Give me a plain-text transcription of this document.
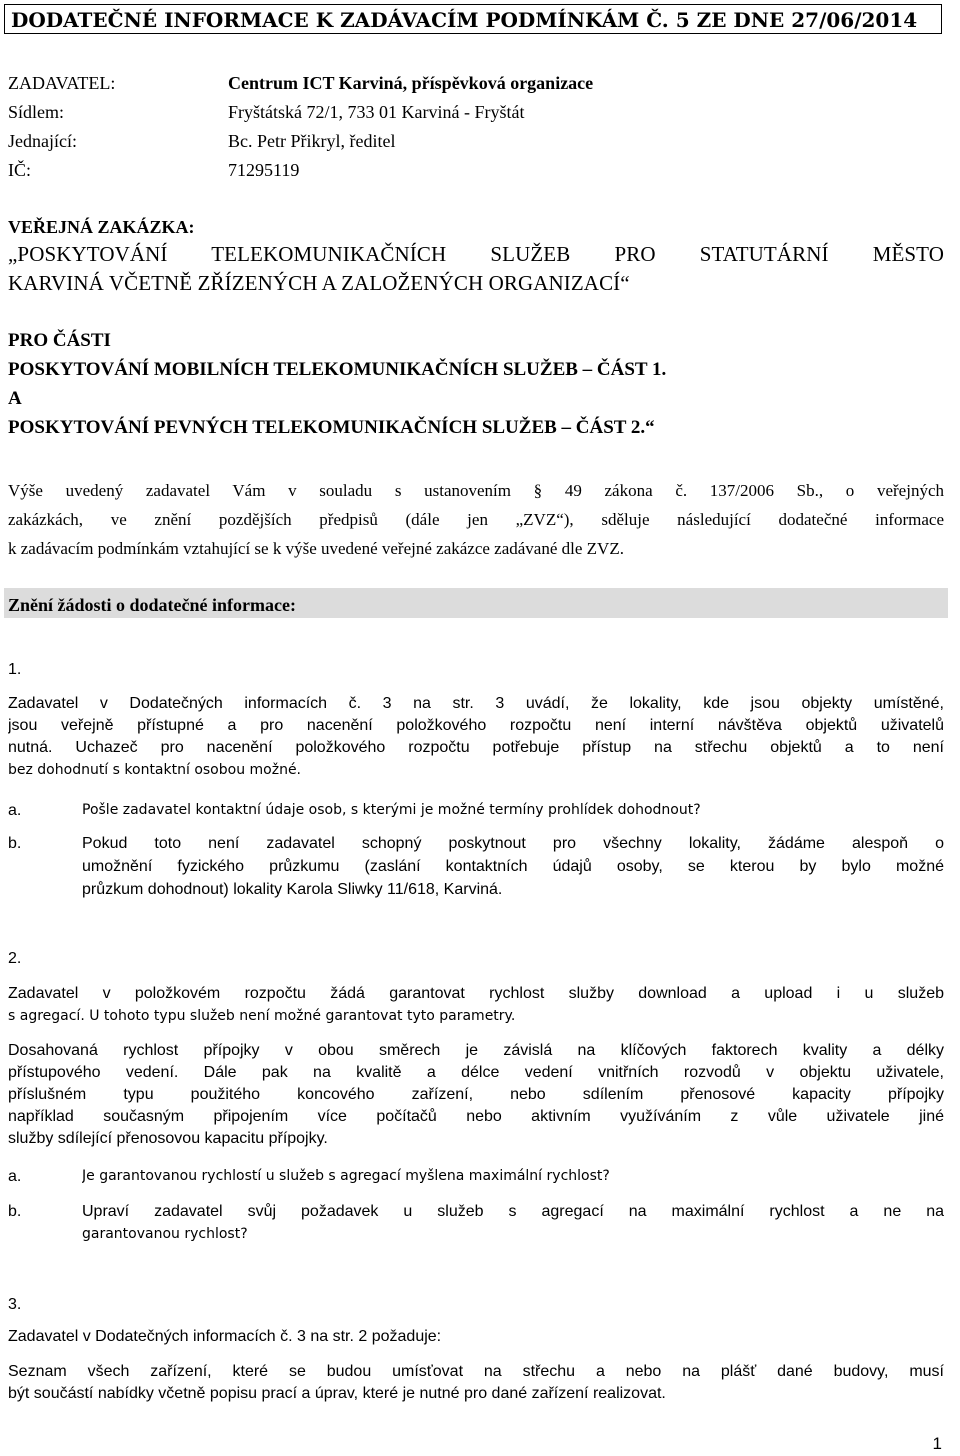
DODATEČNÉ INFORMACE K ZADÁVACÍM PODMÍNKÁM Č. 5 ZE DNE 27/06/2014
ZADAVATEL:	Centrum ICT Karviná, příspěvková organizace
Sídlem:	Fryštátská 72/1, 733 01 Karviná - Fryštát
Jednající:	Bc. Petr Přikryl, ředitel
IČ:	71295119
VEŘEJNÁ ZAKÁZKA:
„POSKYTOVÁNÍ TELEKOMUNIKAČNÍCH SLUŽEB PRO STATUTÁRNÍ MĚSTO
KARVINÁ VČETNĚ ZŘÍZENÝCH A ZALOŽENÝCH ORGANIZACÍ“
PRO ČÁSTI
POSKYTOVÁNÍ MOBILNÍCH TELEKOMUNIKAČNÍCH SLUŽEB – ČÁST 1.
A
POSKYTOVÁNÍ PEVNÝCH TELEKOMUNIKAČNÍCH SLUŽEB – ČÁST 2.“
Výše uvedený zadavatel Vám v souladu s ustanovením § 49 zákona č. 137/2006 Sb., o veřejných
zakázkách, ve znění pozdějších předpisů (dále jen „ZVZ“), sděluje následující dodatečné informace
k zadávacím podmínkám vztahující se k výše uvedené veřejné zakázce zadávané dle ZVZ.
Znění žádosti o dodatečné informace:
1.
Zadavatel v Dodatečných informacích č. 3 na str. 3 uvádí, že lokality, kde jsou objekty umístěné,
jsou veřejně přístupné a pro nacenění položkového rozpočtu není interní návštěva objektů uživatelů
nutná. Uchazeč pro nacenění položkového rozpočtu potřebuje přístup na střechu objektů a to není
bez dohodnutí s kontaktní osobou možné.
a.	Pošle zadavatel kontaktní údaje osob, s kterými je možné termíny prohlídek dohodnout?
b.	Pokud toto není zadavatel schopný poskytnout pro všechny lokality, žádáme alespoň o
umožnění fyzického průzkumu (zaslání kontaktních údajů osoby, se kterou by bylo možné
průzkum dohodnout) lokality Karola Sliwky 11/618, Karviná.
2.
Zadavatel v položkovém rozpočtu žádá garantovat rychlost služby download a upload i u služeb
s agregací. U tohoto typu služeb není možné garantovat tyto parametry.
Dosahovaná rychlost přípojky v obou směrech je závislá na klíčových faktorech kvality a délky
přístupového vedení. Dále pak na kvalitě a délce vedení vnitřních rozvodů v objektu uživatele,
příslušném typu použitého koncového zařízení, nebo sdílením přenosové kapacity přípojky
například současným připojením více počítačů nebo aktivním využíváním z vůle uživatele jiné
služby sdílející přenosovou kapacitu přípojky.
a.	Je garantovanou rychlostí u služeb s agregací myšlena maximální rychlost?
b.	Upraví zadavatel svůj požadavek u služeb s agregací na maximální rychlost a ne na
garantovanou rychlost?
3.
Zadavatel v Dodatečných informacích č. 3 na str. 2 požaduje:
Seznam všech zařízení, které se budou umísťovat na střechu a nebo na plášť dané budovy, musí
být součástí nabídky včetně popisu prací a úprav, které je nutné pro dané zařízení realizovat.
1
